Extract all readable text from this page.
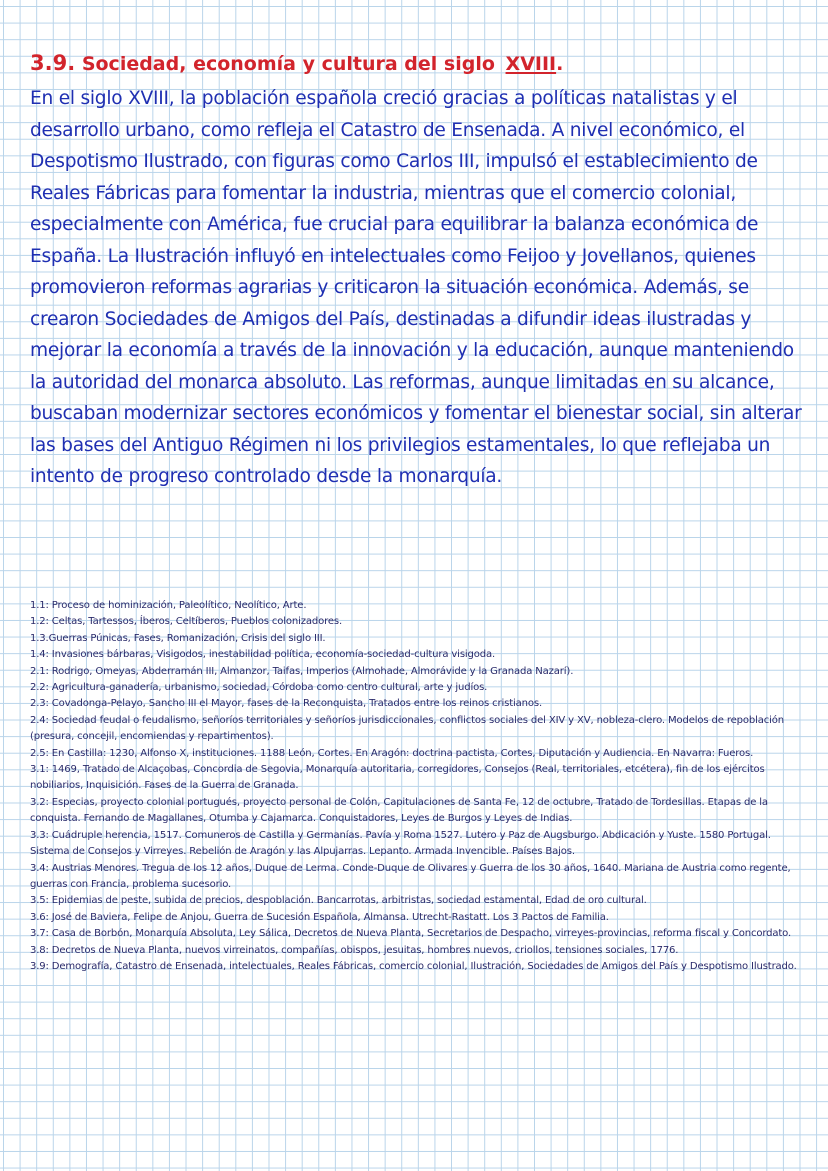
3.9. Sociedad, economía y cultura del siglo XVIII.

En el siglo XVIII, la población española creció gracias a políticas natalistas y el desarrollo urbano, como refleja el Catastro de Ensenada. A nivel económico, el Despotismo Ilustrado, con figuras como Carlos III, impulsó el establecimiento de Reales Fábricas para fomentar la industria, mientras que el comercio colonial, especialmente con América, fue crucial para equilibrar la balanza económica de España. La Ilustración influyó en intelectuales como Feijoo y Jovellanos, quienes promovieron reformas agrarias y criticaron la situación económica. Además, se crearon Sociedades de Amigos del País, destinadas a difundir ideas ilustradas y mejorar la economía a través de la innovación y la educación, aunque manteniendo la autoridad del monarca absoluto. Las reformas, aunque limitadas en su alcance, buscaban modernizar sectores económicos y fomentar el bienestar social, sin alterar las bases del Antiguo Régimen ni los privilegios estamentales, lo que reflejaba un intento de progreso controlado desde la monarquía.

1.1: Proceso de hominización, Paleolítico, Neolítico, Arte.

1.2: Celtas, Tartessos, Íberos, Celtíberos, Pueblos colonizadores.

1.3.Guerras Púnicas, Fases, Romanización, Crisis del siglo III.

1.4: Invasiones bárbaras, Visigodos, inestabilidad política, economía-sociedad-cultura visigoda.

2.1: Rodrigo, Omeyas, Abderramán III, Almanzor, Taifas, Imperios (Almohade, Almorávide y la Granada Nazarí).

2.2: Agricultura-ganadería, urbanismo, sociedad, Córdoba como centro cultural, arte y judíos.

2.3: Covadonga-Pelayo, Sancho III el Mayor, fases de la Reconquista, Tratados entre los reinos cristianos.

2.4: Sociedad feudal o feudalismo, señoríos territoriales y señoríos jurisdiccionales, conflictos sociales del XIV y XV, nobleza-clero. Modelos de repoblación (presura, concejil, encomiendas y repartimentos).

2.5: En Castilla: 1230, Alfonso X, instituciones. 1188 León, Cortes. En Aragón: doctrina pactista, Cortes, Diputación y Audiencia. En Navarra: Fueros.

3.1: 1469, Tratado de Alcaçobas, Concordia de Segovia, Monarquía autoritaria, corregidores, Consejos (Real, territoriales, etcétera), fin de los ejércitos nobiliarios, Inquisición. Fases de la Guerra de Granada.

3.2: Especias, proyecto colonial portugués, proyecto personal de Colón, Capitulaciones de Santa Fe, 12 de octubre, Tratado de Tordesillas. Etapas de la conquista. Fernando de Magallanes, Otumba y Cajamarca. Conquistadores, Leyes de Burgos y Leyes de Indias.

3.3: Cuádruple herencia, 1517. Comuneros de Castilla y Germanías. Pavía y Roma 1527. Lutero y Paz de Augsburgo. Abdicación y Yuste. 1580 Portugal. Sistema de Consejos y Virreyes. Rebelión de Aragón y las Alpujarras. Lepanto. Armada Invencible. Países Bajos.

3.4: Austrias Menores. Tregua de los 12 años, Duque de Lerma. Conde-Duque de Olivares y Guerra de los 30 años, 1640. Mariana de Austria como regente, guerras con Francia, problema sucesorio.

3.5: Epidemias de peste, subida de precios, despoblación. Bancarrotas, arbitristas, sociedad estamental, Edad de oro cultural.

3.6: José de Baviera, Felipe de Anjou, Guerra de Sucesión Española, Almansa. Utrecht-Rastatt. Los 3 Pactos de Familia.

3.7: Casa de Borbón, Monarquía Absoluta, Ley Sálica, Decretos de Nueva Planta, Secretarios de Despacho, virreyes-provincias, reforma fiscal y Concordato.

3.8: Decretos de Nueva Planta, nuevos virreinatos, compañías, obispos, jesuitas, hombres nuevos, criollos, tensiones sociales, 1776.

3.9: Demografía, Catastro de Ensenada, intelectuales, Reales Fábricas, comercio colonial, Ilustración, Sociedades de Amigos del País y Despotismo Ilustrado.
